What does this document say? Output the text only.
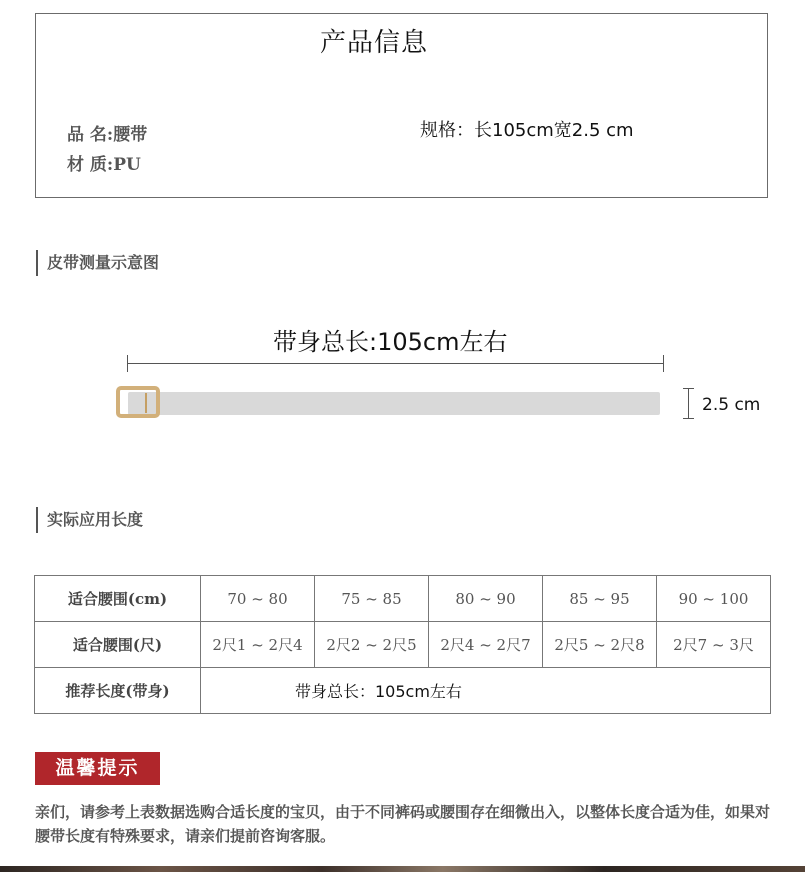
产品信息
品 名:腰带
材 质:PU
规格：长105cm宽2.5 cm
皮带测量示意图
带身总长:105cm左右
2.5 cm
实际应用长度
适合腰围(cm)	70 ~ 80	75 ~ 85	80 ~ 90	85 ~ 95	90 ~ 100
适合腰围(尺)	2尺1 ~ 2尺4	2尺2 ~ 2尺5	2尺4 ~ 2尺7	2尺5 ~ 2尺8	2尺7 ~ 3尺
推荐长度(带身)	带身总长：105cm左右				
温馨提示
亲们，请参考上表数据选购合适长度的宝贝，由于不同裤码或腰围存在细微出入，以整体长度合适为佳，如果对腰带长度有特殊要求，请亲们提前咨询客服。
